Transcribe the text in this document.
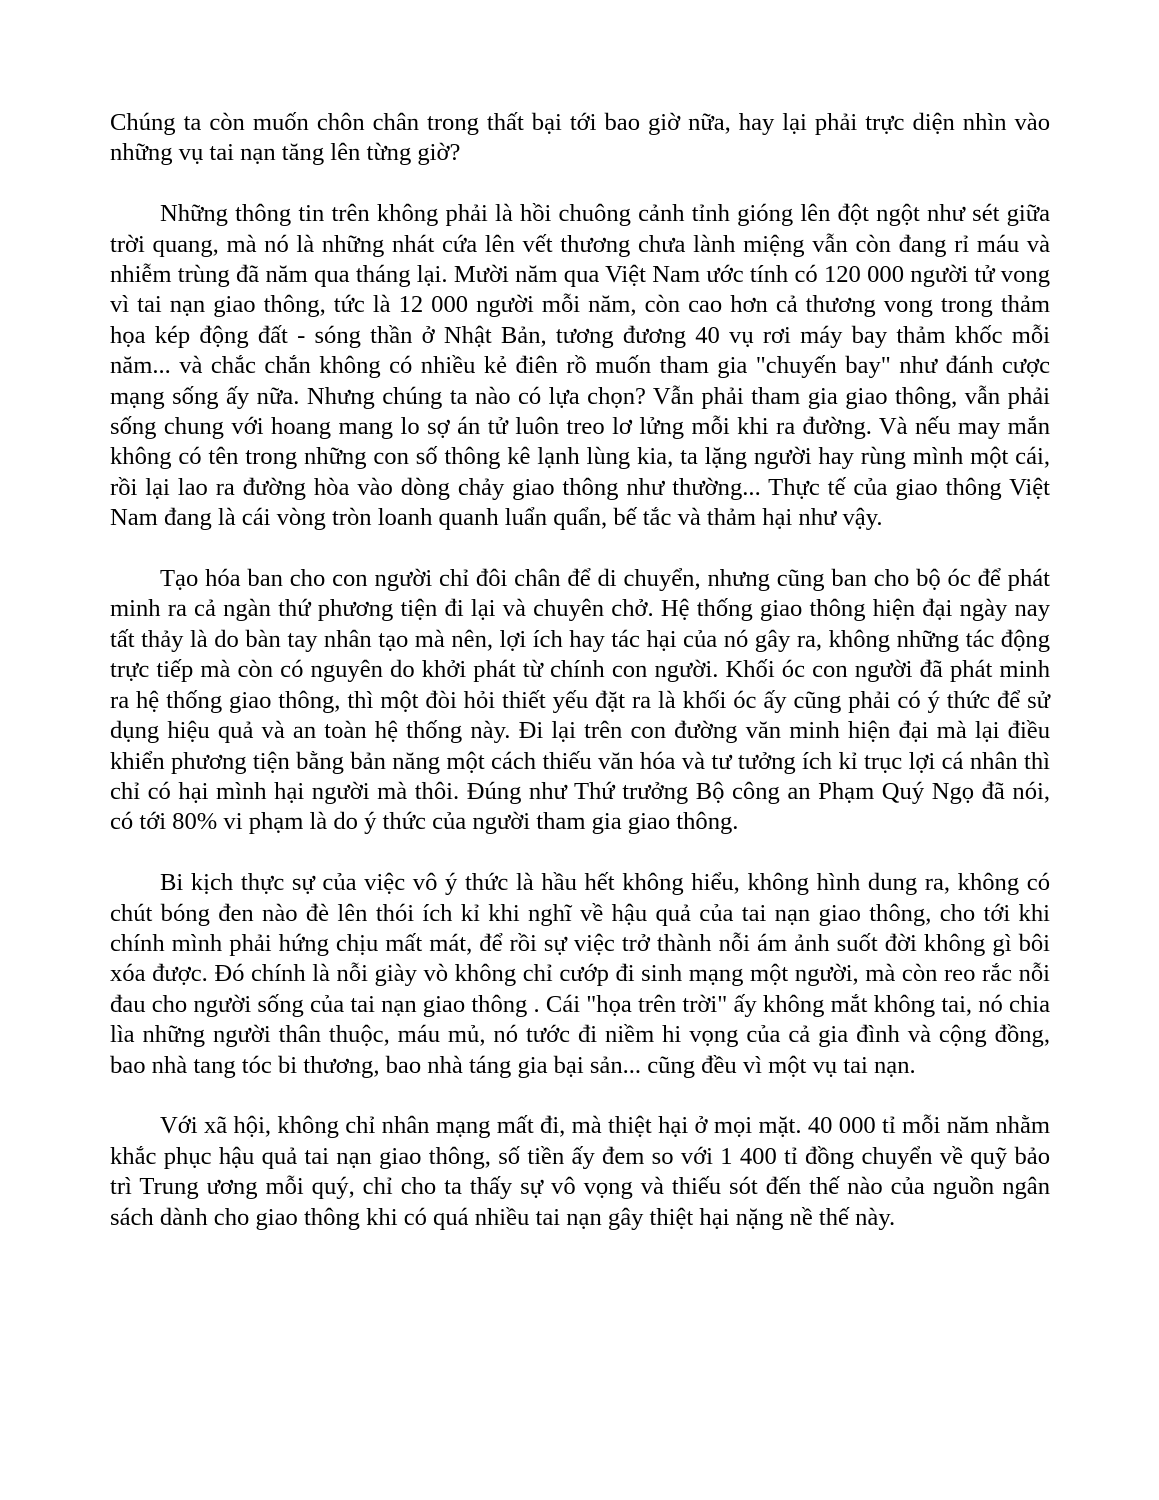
Chúng ta còn muốn chôn chân trong thất bại tới bao giờ nữa, hay lại phải trực diện nhìn vào những vụ tai nạn tăng lên từng giờ?

Những thông tin trên không phải là hồi chuông cảnh tỉnh gióng lên đột ngột như sét giữa trời quang, mà nó là những nhát cứa lên vết thương chưa lành miệng vẫn còn đang rỉ máu và nhiễm trùng đã năm qua tháng lại. Mười năm qua Việt Nam ước tính có 120 000 người tử vong vì tai nạn giao thông, tức là 12 000 người mỗi năm, còn cao hơn cả thương vong trong thảm họa kép động đất - sóng thần ở Nhật Bản, tương đương 40 vụ rơi máy bay thảm khốc mỗi năm... và chắc chắn không có nhiều kẻ điên rồ muốn tham gia "chuyến bay" như đánh cược mạng sống ấy nữa. Nhưng chúng ta nào có lựa chọn? Vẫn phải tham gia giao thông, vẫn phải sống chung với hoang mang lo sợ án tử luôn treo lơ lửng mỗi khi ra đường. Và nếu may mắn không có tên trong những con số thông kê lạnh lùng kia, ta lặng người hay rùng mình một cái, rồi lại lao ra đường hòa vào dòng chảy giao thông như thường... Thực tế của giao thông Việt Nam đang là cái vòng tròn loanh quanh luẩn quẩn, bế tắc và thảm hại như vậy.

Tạo hóa ban cho con người chỉ đôi chân để di chuyển, nhưng cũng ban cho bộ óc để phát minh ra cả ngàn thứ phương tiện đi lại và chuyên chở. Hệ thống giao thông hiện đại ngày nay tất thảy là do bàn tay nhân tạo mà nên, lợi ích hay tác hại của nó gây ra, không những tác động trực tiếp mà còn có nguyên do khởi phát từ chính con người. Khối óc con người đã phát minh ra hệ thống giao thông, thì một đòi hỏi thiết yếu đặt ra là khối óc ấy cũng phải có ý thức để sử dụng hiệu quả và an toàn hệ thống này. Đi lại trên con đường văn minh hiện đại mà lại điều khiển phương tiện bằng bản năng một cách thiếu văn hóa và tư tưởng ích kỉ trục lợi cá nhân thì chỉ có hại mình hại người mà thôi. Đúng như Thứ trưởng Bộ công an Phạm Quý Ngọ đã nói, có tới 80% vi phạm là do ý thức của người tham gia giao thông.

Bi kịch thực sự của việc vô ý thức là hầu hết không hiểu, không hình dung ra, không có chút bóng đen nào đè lên thói ích kỉ khi nghĩ về hậu quả của tai nạn giao thông, cho tới khi chính mình phải hứng chịu mất mát, để rồi sự việc trở thành nỗi ám ảnh suốt đời không gì bôi xóa được. Đó chính là nỗi giày vò không chỉ cướp đi sinh mạng một người, mà còn reo rắc nỗi đau cho người sống của tai nạn giao thông . Cái "họa trên trời" ấy không mắt không tai, nó chia lìa những người thân thuộc, máu mủ, nó tước đi niềm hi vọng của cả gia đình và cộng đồng, bao nhà tang tóc bi thương, bao nhà táng gia bại sản... cũng đều vì một vụ tai nạn.

Với xã hội, không chỉ nhân mạng mất đi, mà thiệt hại ở mọi mặt. 40 000 tỉ mỗi năm nhằm khắc phục hậu quả tai nạn giao thông, số tiền ấy đem so với 1 400 tỉ đồng chuyển về quỹ bảo trì Trung ương mỗi quý, chỉ cho ta thấy sự vô vọng và thiếu sót đến thế nào của nguồn ngân sách dành cho giao thông khi có quá nhiều tai nạn gây thiệt hại nặng nề thế này.
